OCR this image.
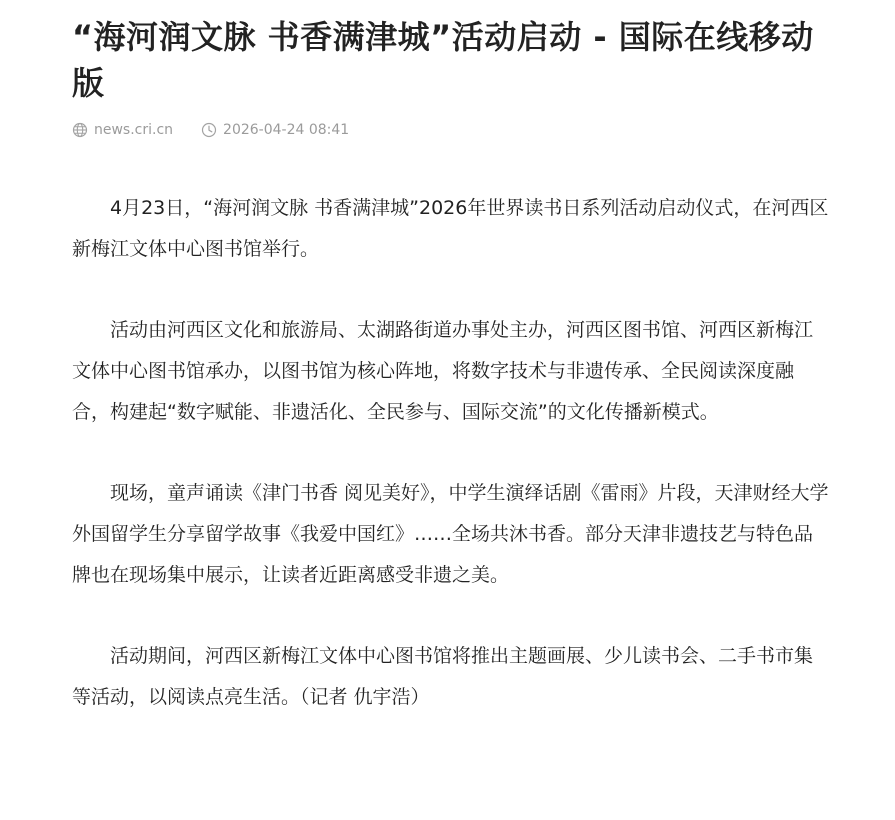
“海河润文脉 书香满津城”活动启动 - 国际在线移动版
news.cri.cn	2026-04-24 08:41

4月23日，“海河润文脉 书香满津城”2026年世界读书日系列活动启动仪式，在河西区新梅江文体中心图书馆举行。

活动由河西区文化和旅游局、太湖路街道办事处主办，河西区图书馆、河西区新梅江文体中心图书馆承办，以图书馆为核心阵地，将数字技术与非遗传承、全民阅读深度融合，构建起“数字赋能、非遗活化、全民参与、国际交流”的文化传播新模式。

现场，童声诵读《津门书香 阅见美好》，中学生演绎话剧《雷雨》片段，天津财经大学外国留学生分享留学故事《我爱中国红》……全场共沐书香。部分天津非遗技艺与特色品牌也在现场集中展示，让读者近距离感受非遗之美。

活动期间，河西区新梅江文体中心图书馆将推出主题画展、少儿读书会、二手书市集等活动，以阅读点亮生活。（记者 仇宇浩）
